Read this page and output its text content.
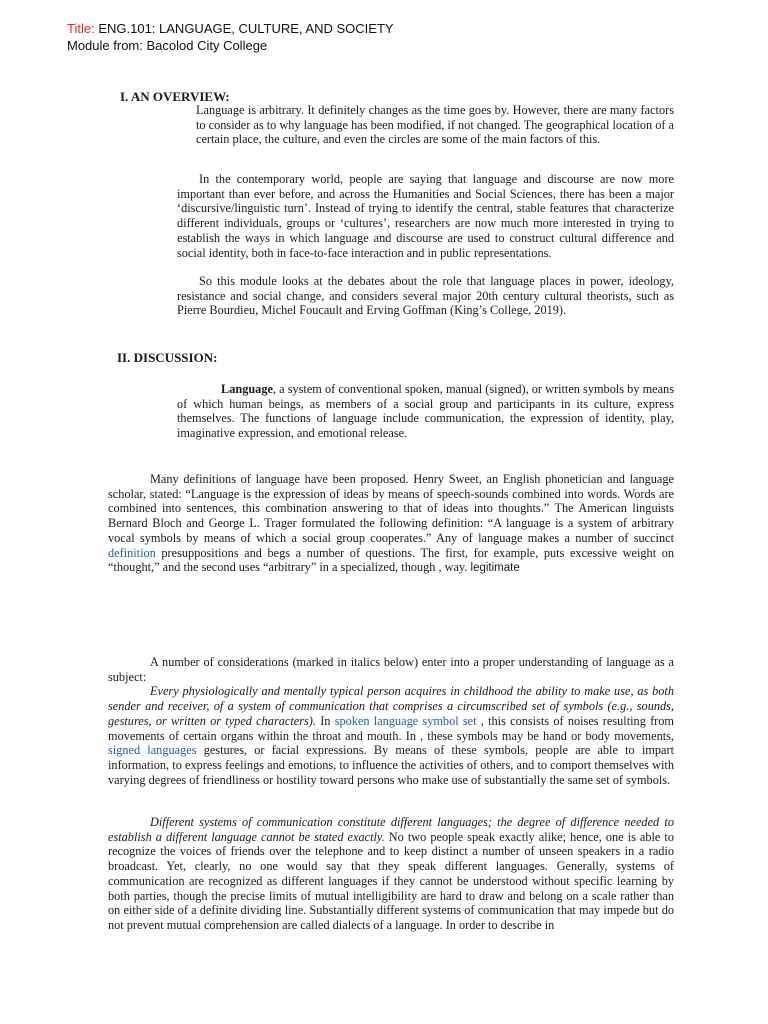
Title: ENG.101: LANGUAGE, CULTURE, AND SOCIETY
Module from: Bacolod City College
I. AN OVERVIEW:

Language is arbitrary. It definitely changes as the time goes by. However, there are many factors to consider as to why language has been modified, if not changed. The geographical location of a certain place, the culture, and even the circles are some of the main factors of this.

In the contemporary world, people are saying that language and discourse are now more important than ever before, and across the Humanities and Social Sciences, there has been a major ‘discursive/linguistic turn’. Instead of trying to identify the central, stable features that characterize different individuals, groups or ‘cultures’, researchers are now much more interested in trying to establish the ways in which language and discourse are used to construct cultural difference and social identity, both in face-to-face interaction and in public representations.

So this module looks at the debates about the role that language places in power, ideology, resistance and social change, and considers several major 20th century cultural theorists, such as Pierre Bourdieu, Michel Foucault and Erving Goffman (King’s College, 2019).

II. DISCUSSION:

Language, a system of conventional spoken, manual (signed), or written symbols by means of which human beings, as members of a social group and participants in its culture, express themselves. The functions of language include communication, the expression of identity, play, imaginative expression, and emotional release.

Many definitions of language have been proposed. Henry Sweet, an English phonetician and language scholar, stated: “Language is the expression of ideas by means of speech-sounds combined into words. Words are combined into sentences, this combination answering to that of ideas into thoughts.” The American linguists Bernard Bloch and George L. Trager formulated the following definition: “A language is a system of arbitrary vocal symbols by means of which a social group cooperates.” Any of language makes a number of succinct definition presuppositions and begs a number of questions. The first, for example, puts excessive weight on “thought,” and the second uses “arbitrary” in a specialized, though , way. legitimate

A number of considerations (marked in italics below) enter into a proper understanding of language as a subject:
Every physiologically and mentally typical person acquires in childhood the ability to make use, as both sender and receiver, of a system of communication that comprises a circumscribed set of symbols (e.g., sounds, gestures, or written or typed characters). In spoken language symbol set , this consists of noises resulting from movements of certain organs within the throat and mouth. In , these symbols may be hand or body movements, signed languages gestures, or facial expressions. By means of these symbols, people are able to impart information, to express feelings and emotions, to influence the activities of others, and to comport themselves with varying degrees of friendliness or hostility toward persons who make use of substantially the same set of symbols.

Different systems of communication constitute different languages; the degree of difference needed to establish a different language cannot be stated exactly. No two people speak exactly alike; hence, one is able to recognize the voices of friends over the telephone and to keep distinct a number of unseen speakers in a radio broadcast. Yet, clearly, no one would say that they speak different languages. Generally, systems of communication are recognized as different languages if they cannot be understood without specific learning by both parties, though the precise limits of mutual intelligibility are hard to draw and belong on a scale rather than on either side of a definite dividing line. Substantially different systems of communication that may impede but do not prevent mutual comprehension are called dialects of a language. In order to describe in
